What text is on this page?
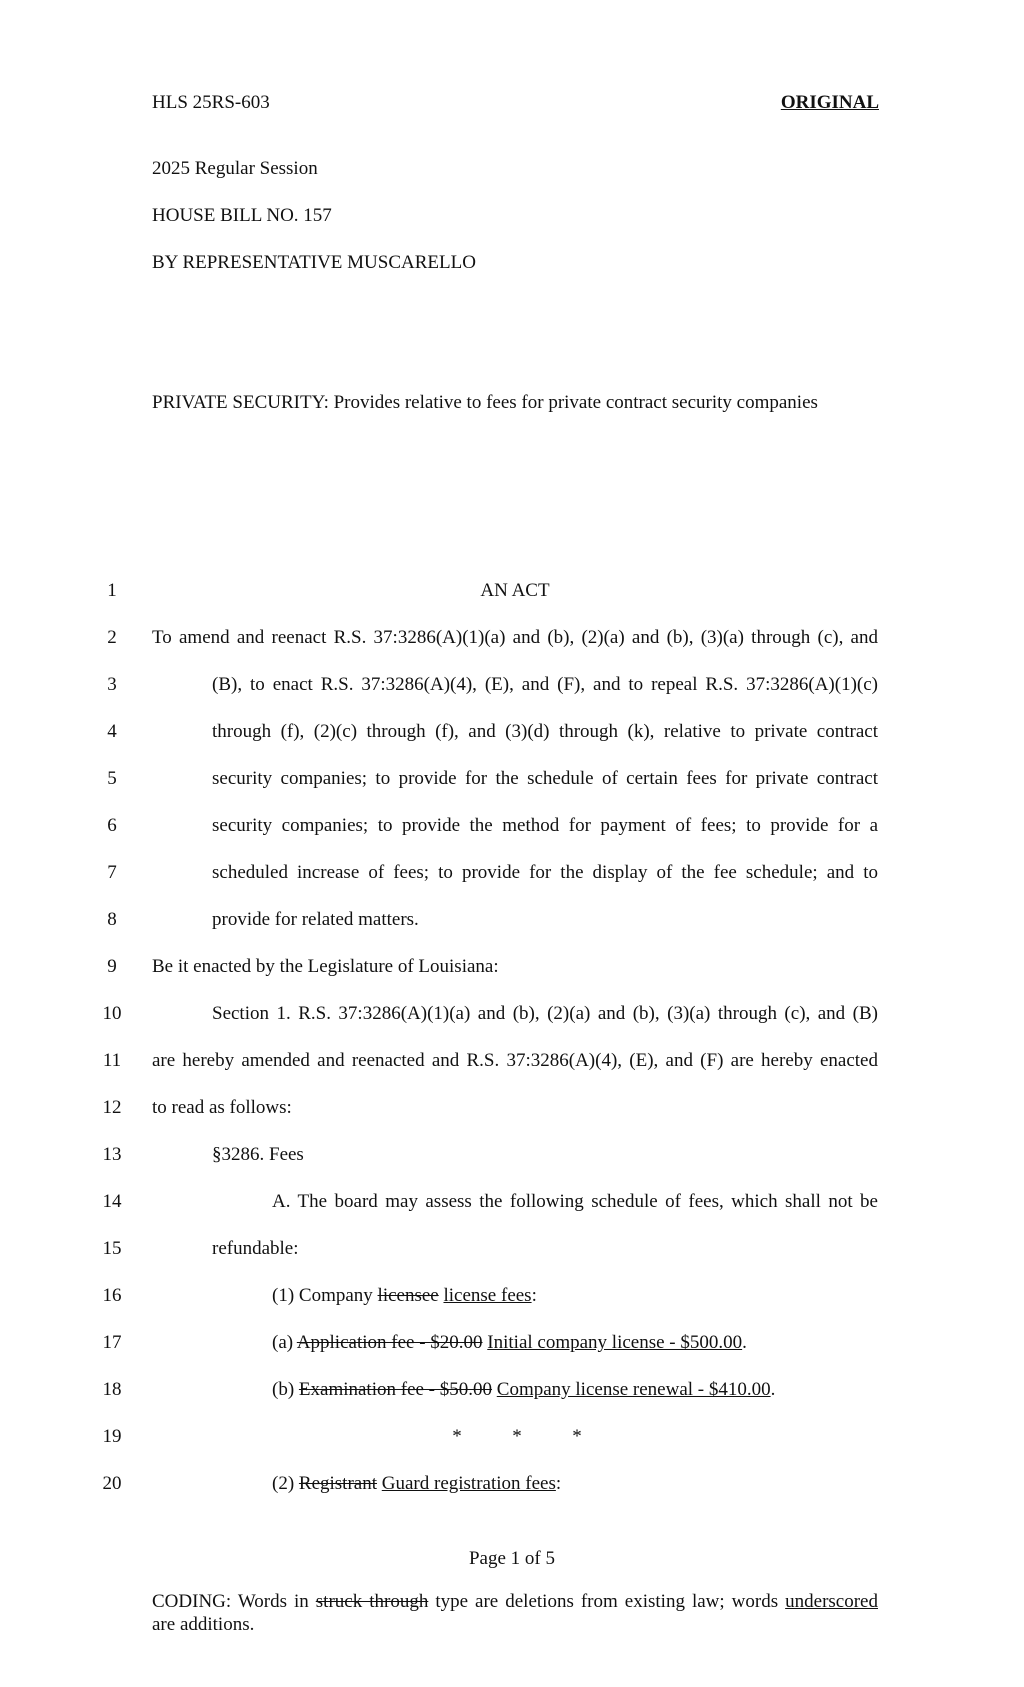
HLS 25RS-603	ORIGINAL
2025 Regular Session
HOUSE BILL NO. 157
BY REPRESENTATIVE MUSCARELLO
PRIVATE SECURITY: Provides relative to fees for private contract security companies
1	AN ACT
2	To amend and reenact R.S. 37:3286(A)(1)(a) and (b), (2)(a) and (b), (3)(a) through (c), and
3	(B), to enact R.S. 37:3286(A)(4), (E), and (F), and to repeal R.S. 37:3286(A)(1)(c)
4	through (f), (2)(c) through (f), and (3)(d) through (k), relative to private contract
5	security companies; to provide for the schedule of certain fees for private contract
6	security companies; to provide the method for payment of fees; to provide for a
7	scheduled increase of fees; to provide for the display of the fee schedule; and to
8	provide for related matters.
9	Be it enacted by the Legislature of Louisiana:
10	Section 1. R.S. 37:3286(A)(1)(a) and (b), (2)(a) and (b), (3)(a) through (c), and (B)
11	are hereby amended and reenacted and R.S. 37:3286(A)(4), (E), and (F) are hereby enacted
12	to read as follows:
13	§3286. Fees
14	A. The board may assess the following schedule of fees, which shall not be
15	refundable:
16	(1) Company licensee license fees:
17	(a) Application fee - $20.00 Initial company license - $500.00.
18	(b) Examination fee - $50.00 Company license renewal - $410.00.
19	*	*	*
20	(2) Registrant Guard registration fees:
Page 1 of 5
CODING: Words in struck through type are deletions from existing law; words underscored are additions.
